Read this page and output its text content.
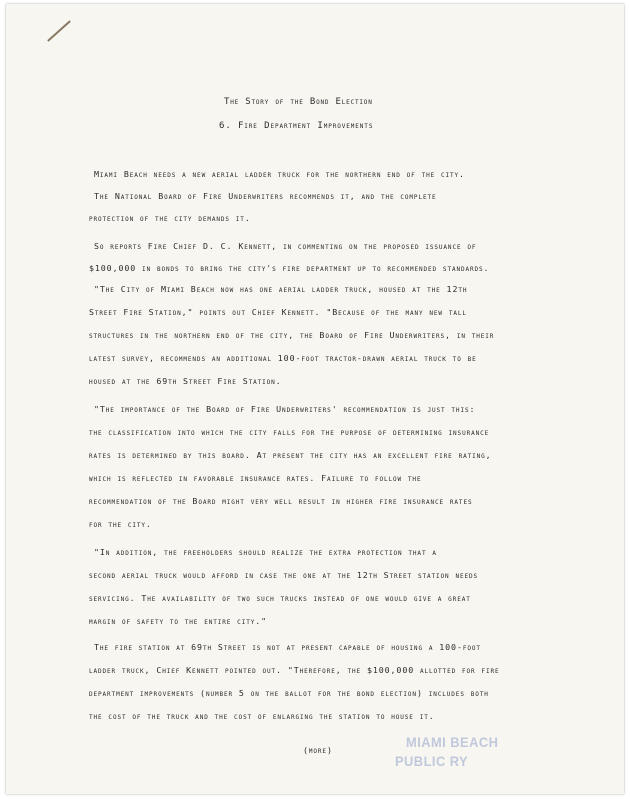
The Story of the Bond Election
6. Fire Department Improvements
Miami Beach needs a new aerial ladder truck for the northern end of the city.
The National Board of Fire Underwriters recommends it, and the complete
protection of the city demands it.
So reports Fire Chief D. C. Kennett, in commenting on the proposed issuance of
$100,000 in bonds to bring the city's fire department up to recommended standards.
"The City of Miami Beach now has one aerial ladder truck, housed at the 12th
Street Fire Station," points out Chief Kennett. "Because of the many new tall
structures in the northern end of the city, the Board of Fire Underwriters, in their
latest survey, recommends an additional 100-foot tractor-drawn aerial truck to be
housed at the 69th Street Fire Station.
"The importance of the Board of Fire Underwriters' recommendation is just this:
the classification into which the city falls for the purpose of determining insurance
rates is determined by this board. At present the city has an excellent fire rating,
which is reflected in favorable insurance rates. Failure to follow the
recommendation of the Board might very well result in higher fire insurance rates
for the city.
"In addition, the freeholders should realize the extra protection that a
second aerial truck would afford in case the one at the 12th Street station needs
servicing. The availability of two such trucks instead of one would give a great
margin of safety to the entire city."
The fire station at 69th Street is not at present capable of housing a 100-foot
ladder truck, Chief Kennett pointed out. "Therefore, the $100,000 allotted for fire
department improvements (number 5 on the ballot for the bond election) includes both
the cost of the truck and the cost of enlarging the station to house it.
(more)	MIAMI BEACH
PUBLIC RY
